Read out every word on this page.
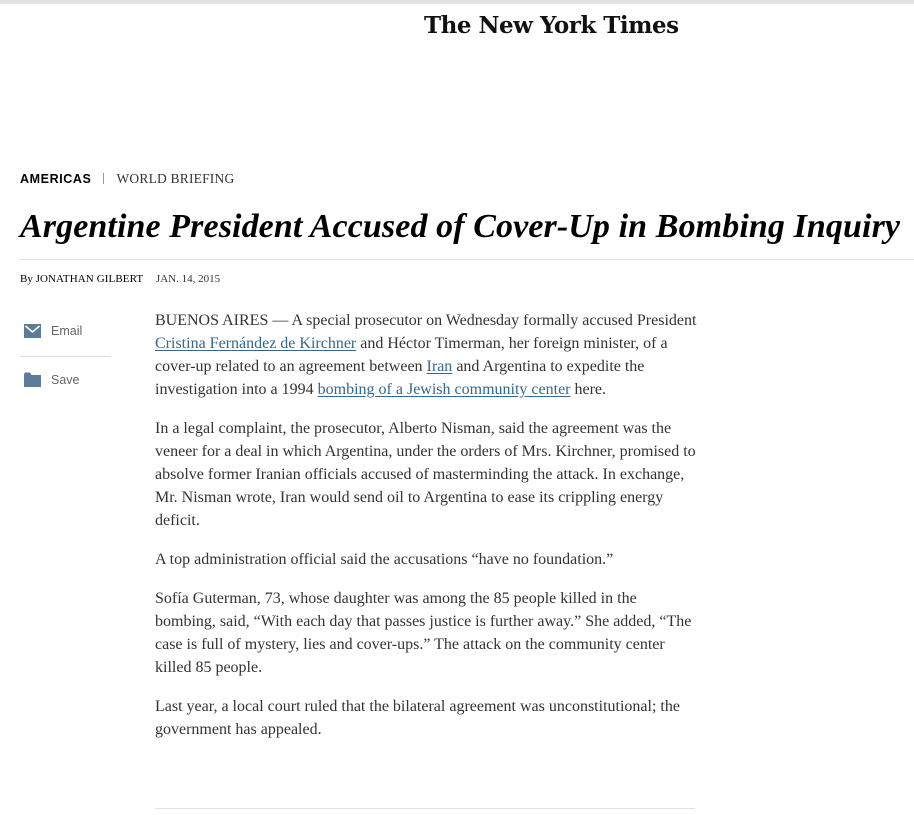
The New York Times
AMERICAS WORLD BRIEFING
Argentine President Accused of Cover-Up in Bombing Inquiry
By JONATHAN GILBERT JAN. 14, 2015
Email
Save

BUENOS AIRES — A special prosecutor on Wednesday formally accused President Cristina Fernández de Kirchner and Héctor Timerman, her foreign minister, of a cover-up related to an agreement between Iran and Argentina to expedite the investigation into a 1994 bombing of a Jewish community center here.

In a legal complaint, the prosecutor, Alberto Nisman, said the agreement was the veneer for a deal in which Argentina, under the orders of Mrs. Kirchner, promised to absolve former Iranian officials accused of masterminding the attack. In exchange, Mr. Nisman wrote, Iran would send oil to Argentina to ease its crippling energy deficit.

A top administration official said the accusations “have no foundation.”

Sofía Guterman, 73, whose daughter was among the 85 people killed in the bombing, said, “With each day that passes justice is further away.” She added, “The case is full of mystery, lies and cover-ups.” The attack on the community center killed 85 people.

Last year, a local court ruled that the bilateral agreement was unconstitutional; the government has appealed.
